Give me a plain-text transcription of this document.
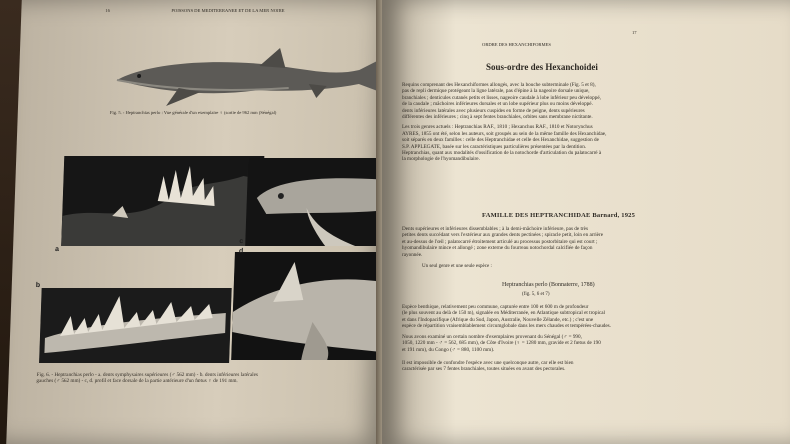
16	POISSONS DE MEDITERRANEE ET DE LA MER NOIRE
Fig. 5. - Heptranchias perlo : Vue générale d'un exemplaire ♀ (sortie de 962 mm (Sénégal)
a
b
c
d
Fig. 6. - Heptranchias perlo - a. dents symphysaires supérieures (♂ 562 mm) - b. dents inférieures latérales
gauches (♂ 562 mm) - c, d. profil et face dorsale de la partie antérieure d'un fœtus ♀ de 191 mm.
ORDRE DES HEXANCHIFORMES
17
Sous-ordre des Hexanchoidei
Requins comprenant des Hexanchiformes allongés, avec la bouche subterminale (Fig. 5 et 8),
pas de repli dermique protégeant la ligne latérale, pas d'épine à la nageoire dorsale unique,
branchiales ; denticules cutanés petits et lisses, nageoire caudale à lobe inférieur peu développé,
de la caudale ; mâchoires inférieures dorsales et un lobe supérieur plus ou moins développé.
dents inférieures latérales avec plusieurs cuspides en forme de peigne, dents supérieures
différentes des inférieures ; cinq à sept fentes branchiales, orbites sans membrane nictitante.
Les trois genres actuels : Heptranchias RAF., 1810 ; Hexanchus RAF., 1810 et Notorynchus
AYRES, 1855 ont été, selon les auteurs, soit groupés au sein de la même famille des Hexanchidae,
soit séparés en deux familles : celle des Heptranchidae et celle des Hexanchidae, suggestion de
S.P. APPLEGATE, basée sur les caractéristiques particulières présentées par la dentition.
Heptranchias, quant aux modalités d'ossification de la notochorde d'articulation du palatocarré à
la morphologie de l'hyomandibulaire.
FAMILLE DES HEPTRANCHIDAE Barnard, 1925
Dents supérieures et inférieures dissemblables ; à la demi-mâchoire inférieure, pas de très
petites dents succédant vers l'extérieur aux grandes dents pectinées ; spiracle petit, loin en arrière
et au-dessus de l'œil ; palatocarré étroitement articulé au processus postorbitaire qui est court ;
hyomandibulaire mince et allongé ; zone externe du fourreau notochordal calcifiée de façon
rayonnée.
Un seul genre et une seule espèce :
Heptranchias perlo (Bonnaterre, 1788)
(fig. 5, 6 et 7)
Espèce benthique, relativement peu commune, capturée entre 100 et 600 m de profondeur
(le plus souvent au delà de 150 m), signalée en Méditerranée, en Atlantique subtropical et tropical
et dans l'Indopacifique (Afrique du Sud, Japon, Australie, Nouvelle Zélande, etc.) ; c'est une
espèce de répartition vraisemblablement circumglobale dans les mers chaudes et tempérées-chaudes.
Nous avons examiné un certain nombre d'exemplaires provenant du Sénégal (♂ = 990,
1050, 1220 mm - ♂ = 562, 685 mm), de Côte d'Ivoire (♀ = 1280 mm, gravide et 2 fœtus de 190
et 191 mm), du Congo (♂ = 880, 1100 mm).
Il est impossible de confondre l'espèce avec une quelconque autre, car elle est bien
caractérisée par ses 7 fentes branchiales, toutes situées en avant des pectorales.
